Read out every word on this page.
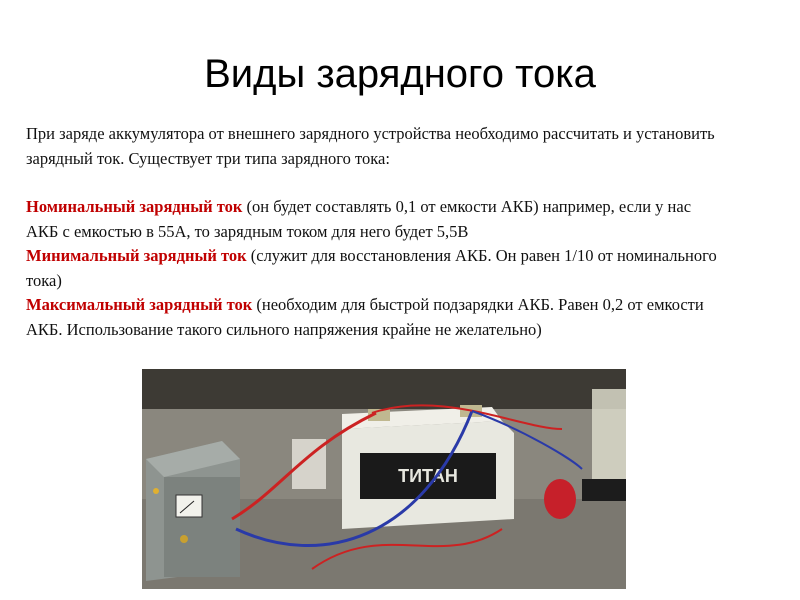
Виды зарядного тока

При заряде аккумулятора от внешнего зарядного устройства необходимо рассчитать и установить зарядный ток. Существует три типа зарядного тока:

Номинальный зарядный ток (он будет составлять 0,1 от емкости АКБ) например, если у нас АКБ с емкостью в 55А, то зарядным током для него будет 5,5В

Минимальный зарядный ток (служит для восстановления АКБ. Он равен 1/10 от номинального тока)

Максимальный зарядный ток (необходим для быстрой подзарядки АКБ. Равен 0,2 от емкости АКБ. Использование такого сильного напряжения крайне не желательно)

ТИТАН
